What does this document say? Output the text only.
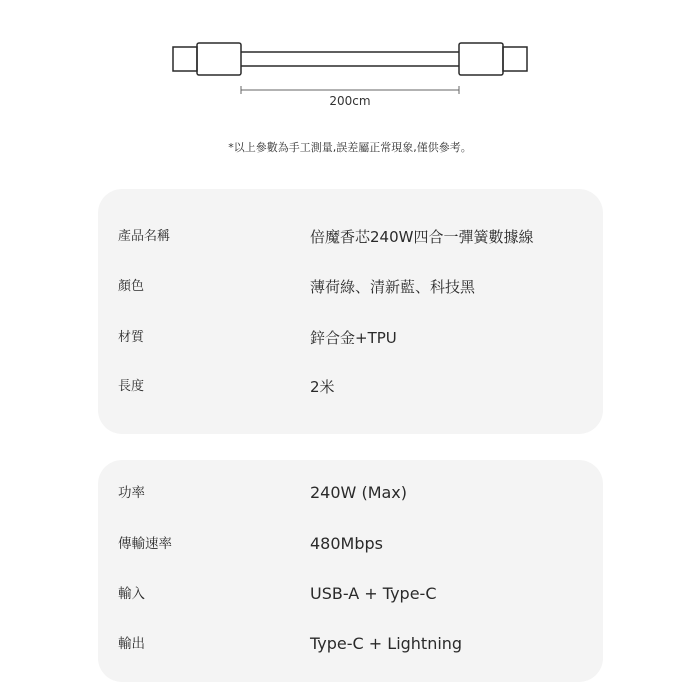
200cm
*以上參數為手工測量,誤差屬正常現象,僅供參考。
產品名稱	倍魔香芯240W四合一彈簧數據線
顏色	薄荷綠、清新藍、科技黑
材質	鋅合金+TPU
長度	2米
功率	240W (Max)
傳輸速率	480Mbps
輸入	USB-A + Type-C
輸出	Type-C + Lightning
